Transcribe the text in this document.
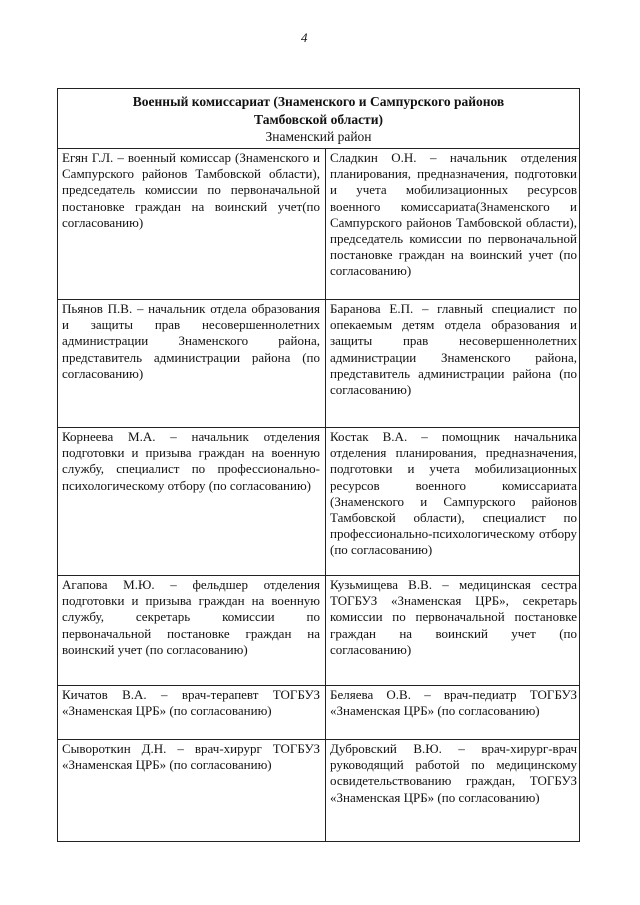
4
Военный комиссариат (Знаменского и Сампурского районов
Тамбовской области)
Знаменский район
Егян Г.Л. – военный комиссар (Знаменского и Сампурского районов Тамбовской области), председатель комиссии по первоначальной постановке граждан на воинский учет(по согласованию)
Сладкин О.Н. – начальник отделения планирования, предназначения, подготовки и учета мобилизационных ресурсов военного комиссариата(Знаменского и Сампурского районов Тамбовской области), председатель комиссии по первоначальной постановке граждан на воинский учет (по согласованию)
Пьянов П.В. – начальник отдела образования и защиты прав несовершеннолетних администрации Знаменского района, представитель администрации района (по согласованию)
Баранова Е.П. – главный специалист по опекаемым детям отдела образования и защиты прав несовершеннолетних администрации Знаменского района, представитель администрации района (по согласованию)
Корнеева М.А. – начальник отделения подготовки и призыва граждан на военную службу, специалист по профессионально-психологическому отбору (по согласованию)
Костак В.А. – помощник начальника отделения планирования, предназначения, подготовки и учета мобилизационных ресурсов военного комиссариата (Знаменского и Сампурского районов Тамбовской области), специалист по профессионально-психологическому отбору (по согласованию)
Агапова М.Ю. – фельдшер отделения подготовки и призыва граждан на военную службу, секретарь комиссии по первоначальной постановке граждан на воинский учет (по согласованию)
Кузьмищева В.В. – медицинская сестра ТОГБУЗ «Знаменская ЦРБ», секретарь комиссии по первоначальной постановке граждан на воинский учет (по согласованию)
Кичатов В.А. – врач-терапевт ТОГБУЗ «Знаменская ЦРБ» (по согласованию)
Беляева О.В. – врач-педиатр ТОГБУЗ «Знаменская ЦРБ» (по согласованию)
Сывороткин Д.Н. – врач-хирург ТОГБУЗ «Знаменская ЦРБ» (по согласованию)
Дубровский В.Ю. – врач-хирург-врач руководящий работой по медицинскому освидетельствованию граждан, ТОГБУЗ «Знаменская ЦРБ» (по согласованию)
